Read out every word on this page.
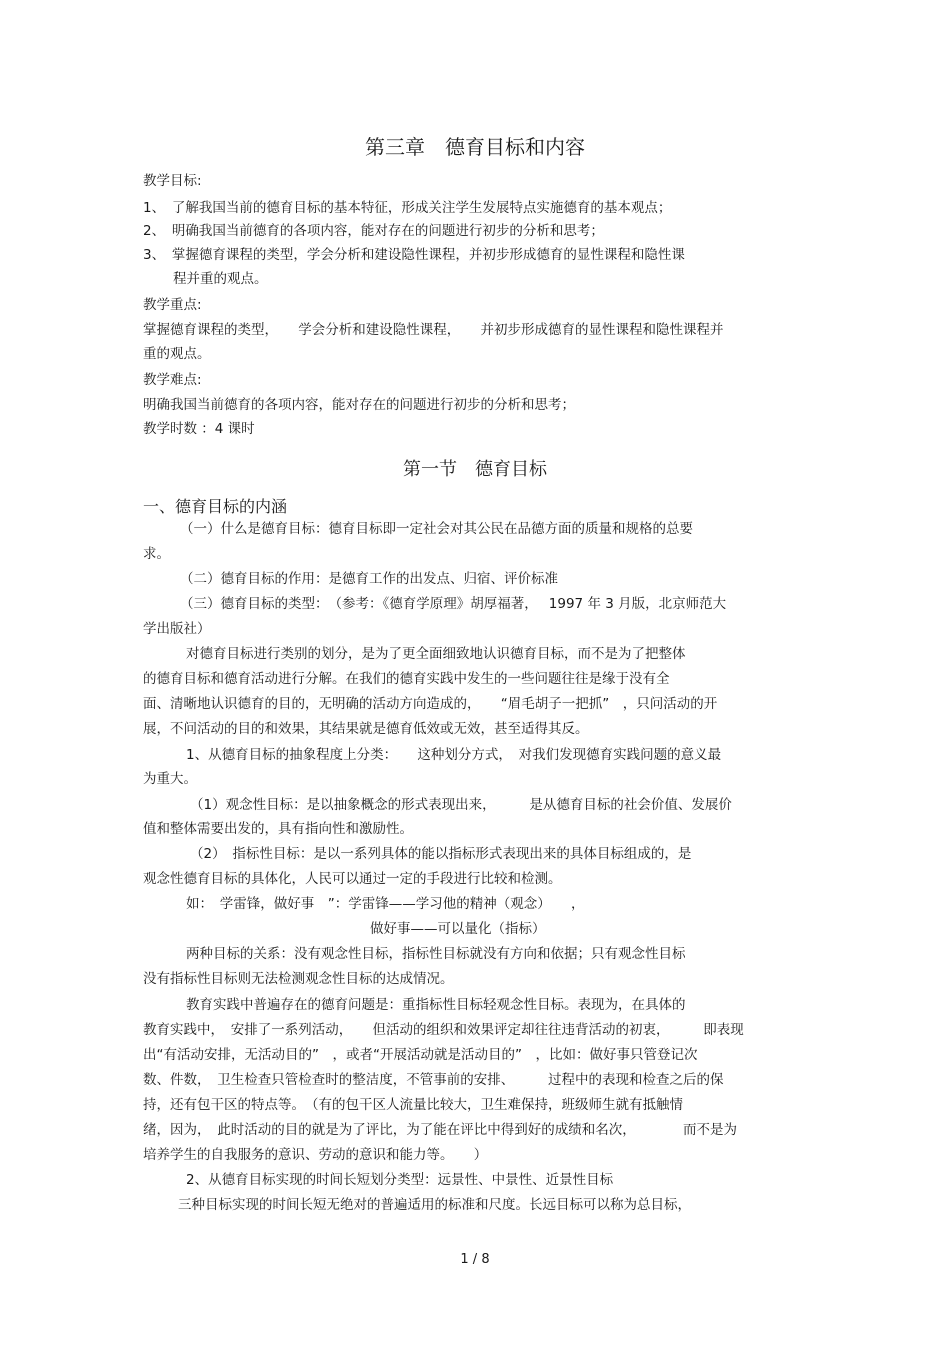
第三章　德育目标和内容
教学目标:
1、　了解我国当前的德育目标的基本特征，形成关注学生发展特点实施德育的基本观点；
2、　明确我国当前德育的各项内容，能对存在的问题进行初步的分析和思考；
3、　掌握德育课程的类型，学会分析和建设隐性课程，并初步形成德育的显性课程和隐性课
程并重的观点。
教学重点:
掌握德育课程的类型，　　学会分析和建设隐性课程，　　并初步形成德育的显性课程和隐性课程并
重的观点。
教学难点:
明确我国当前德育的各项内容，能对存在的问题进行初步的分析和思考；
教学时数 ：4 课时
第一节　德育目标
一、德育目标的内涵
（一）什么是德育目标：德育目标即一定社会对其公民在品德方面的质量和规格的总要
求。
（二）德育目标的作用：是德育工作的出发点、归宿、评价标准
（三）德育目标的类型：　（参考：《德育学原理》胡厚福著，　 1997 年 3 月版，北京师范大
学出版社）
对德育目标进行类别的划分，是为了更全面细致地认识德育目标，而不是为了把整体
的德育目标和德育活动进行分解。在我们的德育实践中发生的一些问题往往是缘于没有全
面、清晰地认识德育的目的，无明确的活动方向造成的，　　“眉毛胡子一把抓”　，只问活动的开
展，不问活动的目的和效果，其结果就是德育低效或无效，甚至适得其反。
1、从德育目标的抽象程度上分类：　　这种划分方式，　对我们发现德育实践问题的意义最
为重大。
（1）观念性目标：是以抽象概念的形式表现出来，　　　是从德育目标的社会价值、发展价
值和整体需要出发的，具有指向性和激励性。
（2）　指标性目标：是以一系列具体的能以指标形式表现出来的具体目标组成的，是
观念性德育目标的具体化，人民可以通过一定的手段进行比较和检测。
如：　学雷锋，做好事　”：学雷锋——学习他的精神（观念）　　，
做好事——可以量化（指标）
两种目标的关系：没有观念性目标，指标性目标就没有方向和依据；只有观念性目标
没有指标性目标则无法检测观念性目标的达成情况。
教育实践中普遍存在的德育问题是：重指标性目标轻观念性目标。表现为，在具体的
教育实践中，　安排了一系列活动，　　但活动的组织和效果评定却往往违背活动的初衷，　　　即表现
出“有活动安排，无活动目的”　，或者“开展活动就是活动目的”　，比如：做好事只管登记次
数、件数，　卫生检查只管检查时的整洁度，不管事前的安排、　　　过程中的表现和检查之后的保
持，还有包干区的特点等。　（有的包干区人流量比较大，卫生难保持，班级师生就有抵触情
绪，因为，　此时活动的目的就是为了评比，为了能在评比中得到好的成绩和名次，　　　　而不是为
培养学生的自我服务的意识、劳动的意识和能力等。　　）
2、从德育目标实现的时间长短划分类型：远景性、中景性、近景性目标
三种目标实现的时间长短无绝对的普遍适用的标准和尺度。长远目标可以称为总目标，
1 / 8
